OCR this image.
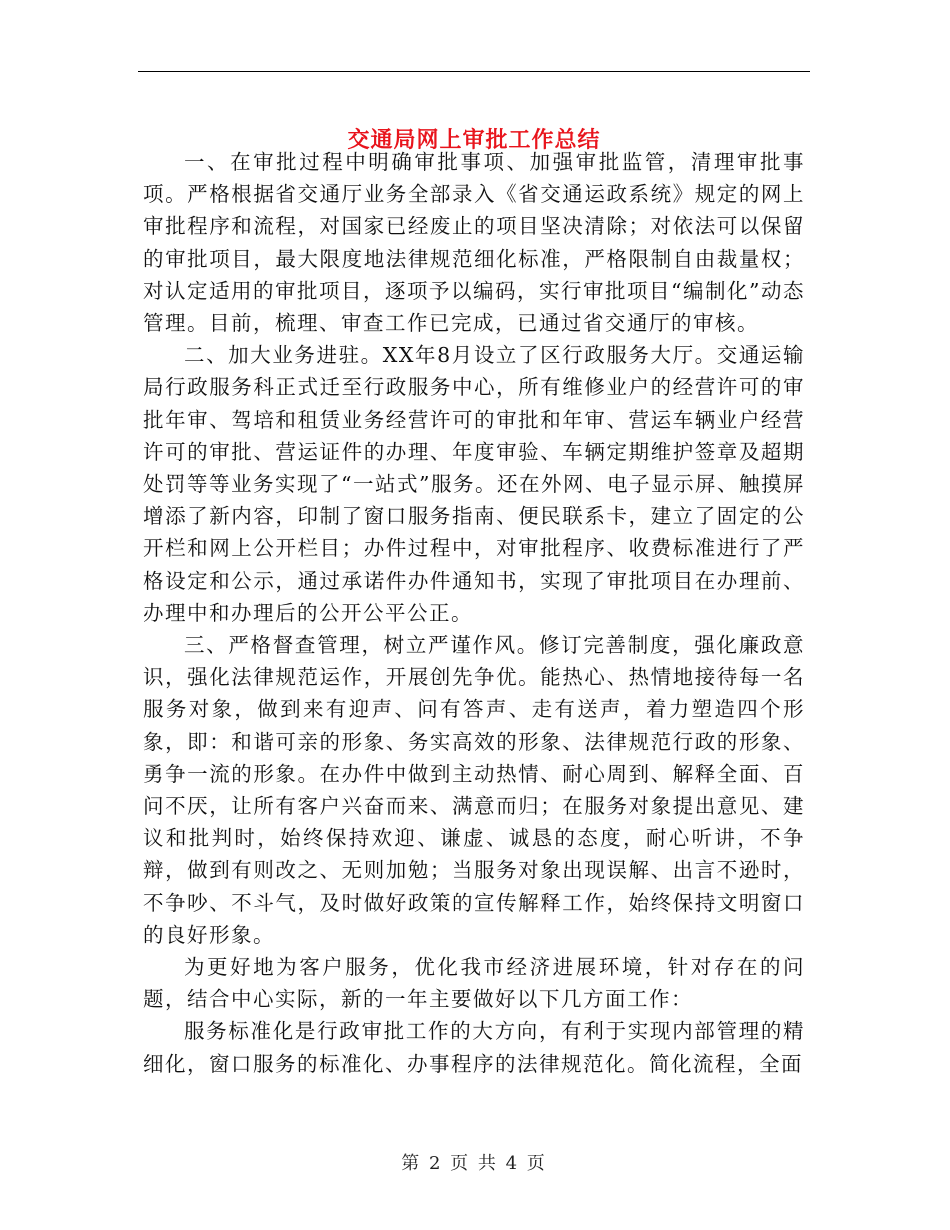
交通局网上审批工作总结

一、在审批过程中明确审批事项、加强审批监管，清理审批事项。严格根据省交通厅业务全部录入《省交通运政系统》规定的网上审批程序和流程，对国家已经废止的项目坚决清除；对依法可以保留的审批项目，最大限度地法律规范细化标准，严格限制自由裁量权；对认定适用的审批项目，逐项予以编码，实行审批项目“编制化”动态管理。目前，梳理、审查工作已完成，已通过省交通厅的审核。

二、加大业务进驻。XX年8月设立了区行政服务大厅。交通运输局行政服务科正式迁至行政服务中心，所有维修业户的经营许可的审批年审、驾培和租赁业务经营许可的审批和年审、营运车辆业户经营许可的审批、营运证件的办理、年度审验、车辆定期维护签章及超期处罚等等业务实现了“一站式”服务。还在外网、电子显示屏、触摸屏增添了新内容，印制了窗口服务指南、便民联系卡，建立了固定的公开栏和网上公开栏目；办件过程中，对审批程序、收费标准进行了严格设定和公示，通过承诺件办件通知书，实现了审批项目在办理前、办理中和办理后的公开公平公正。

三、严格督查管理，树立严谨作风。修订完善制度，强化廉政意识，强化法律规范运作，开展创先争优。能热心、热情地接待每一名服务对象，做到来有迎声、问有答声、走有送声，着力塑造四个形象，即：和谐可亲的形象、务实高效的形象、法律规范行政的形象、勇争一流的形象。在办件中做到主动热情、耐心周到、解释全面、百问不厌，让所有客户兴奋而来、满意而归；在服务对象提出意见、建议和批判时，始终保持欢迎、谦虚、诚恳的态度，耐心听讲，不争辩，做到有则改之、无则加勉；当服务对象出现误解、出言不逊时，不争吵、不斗气，及时做好政策的宣传解释工作，始终保持文明窗口的良好形象。

为更好地为客户服务，优化我市经济进展环境，针对存在的问题，结合中心实际，新的一年主要做好以下几方面工作：

服务标准化是行政审批工作的大方向，有利于实现内部管理的精细化，窗口服务的标准化、办事程序的法律规范化。简化流程，全面

第 2 页 共 4 页
